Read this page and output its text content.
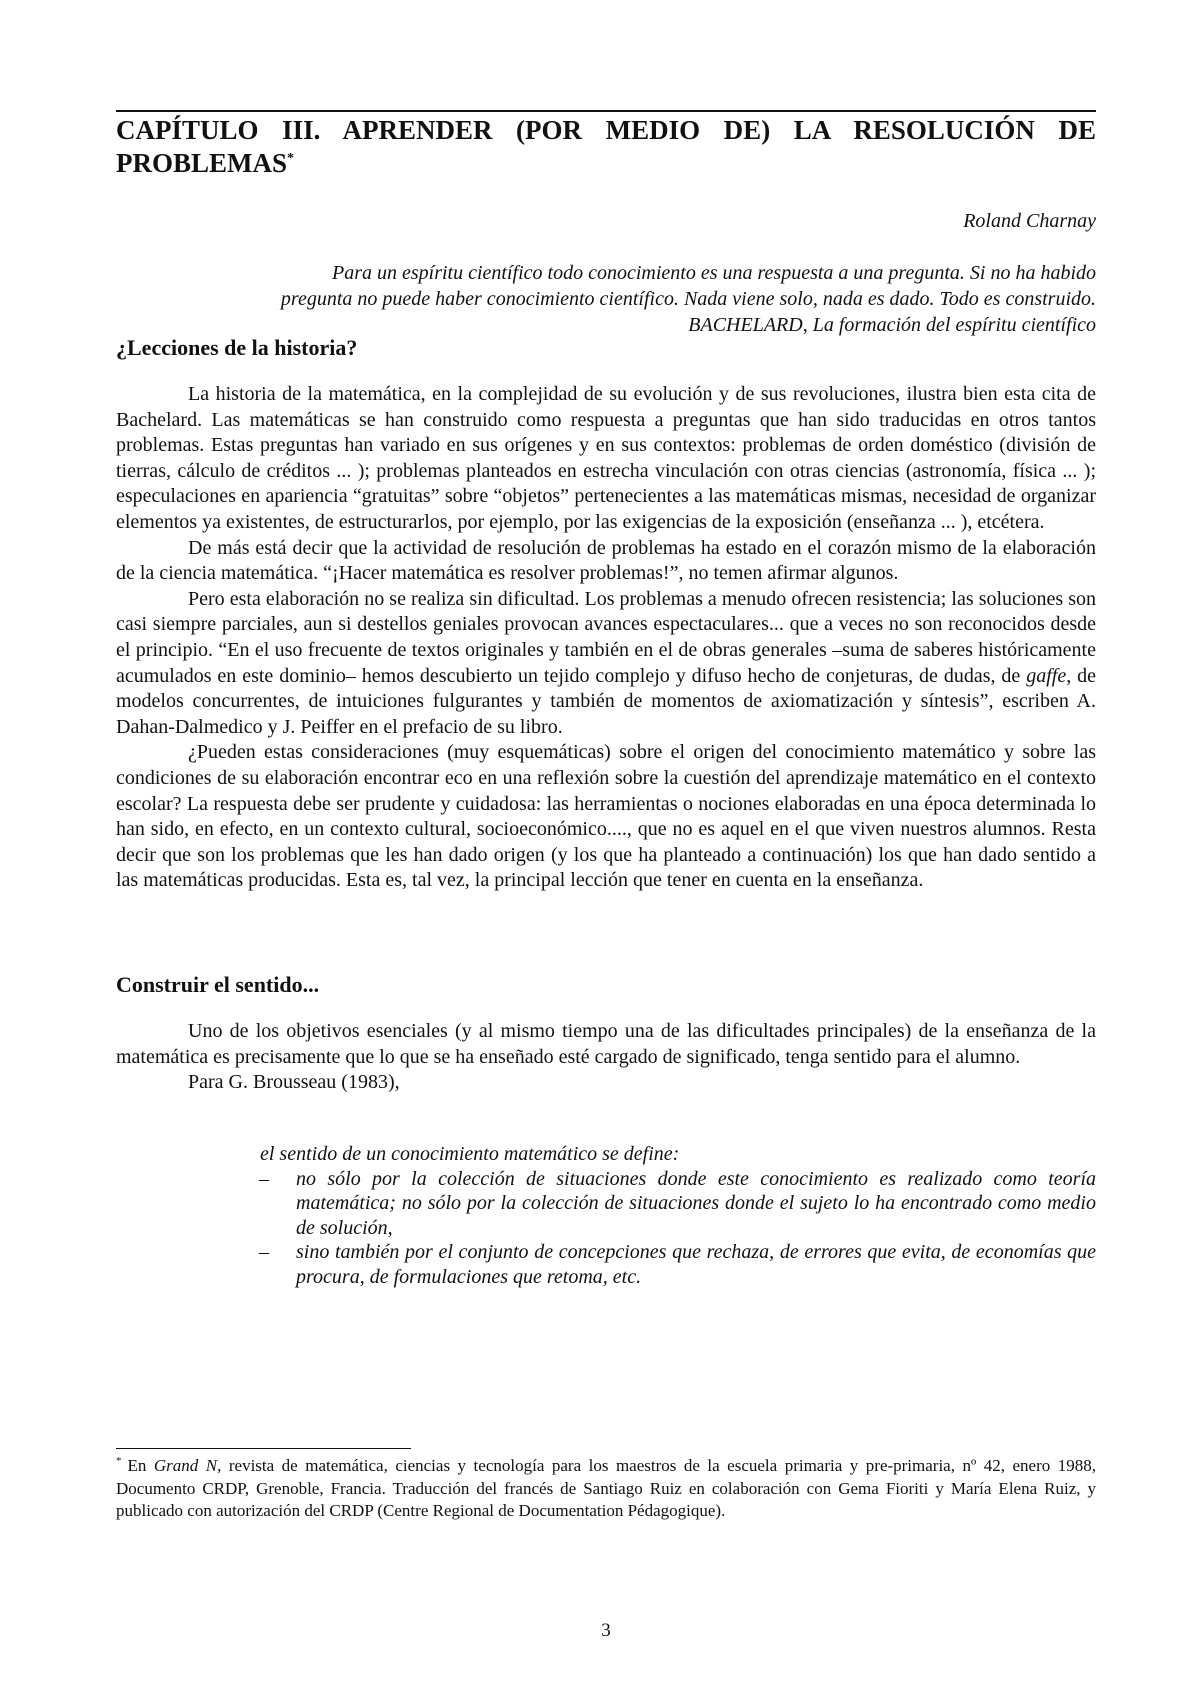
CAPÍTULO III. APRENDER (POR MEDIO DE) LA RESOLUCIÓN DE PROBLEMAS*

Roland Charnay

Para un espíritu científico todo conocimiento es una respuesta a una pregunta. Si no ha habido
pregunta no puede haber conocimiento científico. Nada viene solo, nada es dado. Todo es construido.
BACHELARD, La formación del espíritu científico
¿Lecciones de la historia?

La historia de la matemática, en la complejidad de su evolución y de sus revoluciones, ilustra bien esta cita de Bachelard. Las matemáticas se han construido como respuesta a preguntas que han sido traducidas en otros tantos problemas. Estas preguntas han variado en sus orígenes y en sus contextos: problemas de orden doméstico (división de tierras, cálculo de créditos ... ); problemas planteados en estrecha vinculación con otras ciencias (astronomía, física ... ); especulaciones en apariencia “gratuitas” sobre “objetos” pertenecientes a las matemáticas mismas, necesidad de organizar elementos ya existentes, de estructurarlos, por ejemplo, por las exigencias de la exposición (enseñanza ... ), etcétera.

De más está decir que la actividad de resolución de problemas ha estado en el corazón mismo de la elaboración de la ciencia matemática. “¡Hacer matemática es resolver problemas!”, no temen afirmar algunos.

Pero esta elaboración no se realiza sin dificultad. Los problemas a menudo ofrecen resistencia; las soluciones son casi siempre parciales, aun si destellos geniales provocan avances espectaculares... que a veces no son reconocidos desde el principio. “En el uso frecuente de textos originales y también en el de obras generales –suma de saberes históricamente acumulados en este dominio– hemos descubierto un tejido complejo y difuso hecho de conjeturas, de dudas, de gaffe, de modelos concurrentes, de intuiciones fulgurantes y también de momentos de axiomatización y síntesis”, escriben A. Dahan-Dalmedico y J. Peiffer en el prefacio de su libro.

¿Pueden estas consideraciones (muy esquemáticas) sobre el origen del conocimiento matemático y sobre las condiciones de su elaboración encontrar eco en una reflexión sobre la cuestión del aprendizaje matemático en el contexto escolar? La respuesta debe ser prudente y cuidadosa: las herramientas o nociones elaboradas en una época determinada lo han sido, en efecto, en un contexto cultural, socioeconómico...., que no es aquel en el que viven nuestros alumnos. Resta decir que son los problemas que les han dado origen (y los que ha planteado a continuación) los que han dado sentido a las matemáticas producidas. Esta es, tal vez, la principal lección que tener en cuenta en la enseñanza.

Construir el sentido...

Uno de los objetivos esenciales (y al mismo tiempo una de las dificultades principales) de la enseñanza de la matemática es precisamente que lo que se ha enseñado esté cargado de significado, tenga sentido para el alumno.

Para G. Brousseau (1983),

el sentido de un conocimiento matemático se define:

– no sólo por la colección de situaciones donde este conocimiento es realizado como teoría matemática; no sólo por la colección de situaciones donde el sujeto lo ha encontrado como medio de solución,
– sino también por el conjunto de concepciones que rechaza, de errores que evita, de economías que procura, de formulaciones que retoma, etc.

* En Grand N, revista de matemática, ciencias y tecnología para los maestros de la escuela primaria y pre-primaria, nº 42, enero 1988, Documento CRDP, Grenoble, Francia. Traducción del francés de Santiago Ruiz en colaboración con Gema Fioriti y María Elena Ruiz, y publicado con autorización del CRDP (Centre Regional de Documentation Pédagogique).

3
